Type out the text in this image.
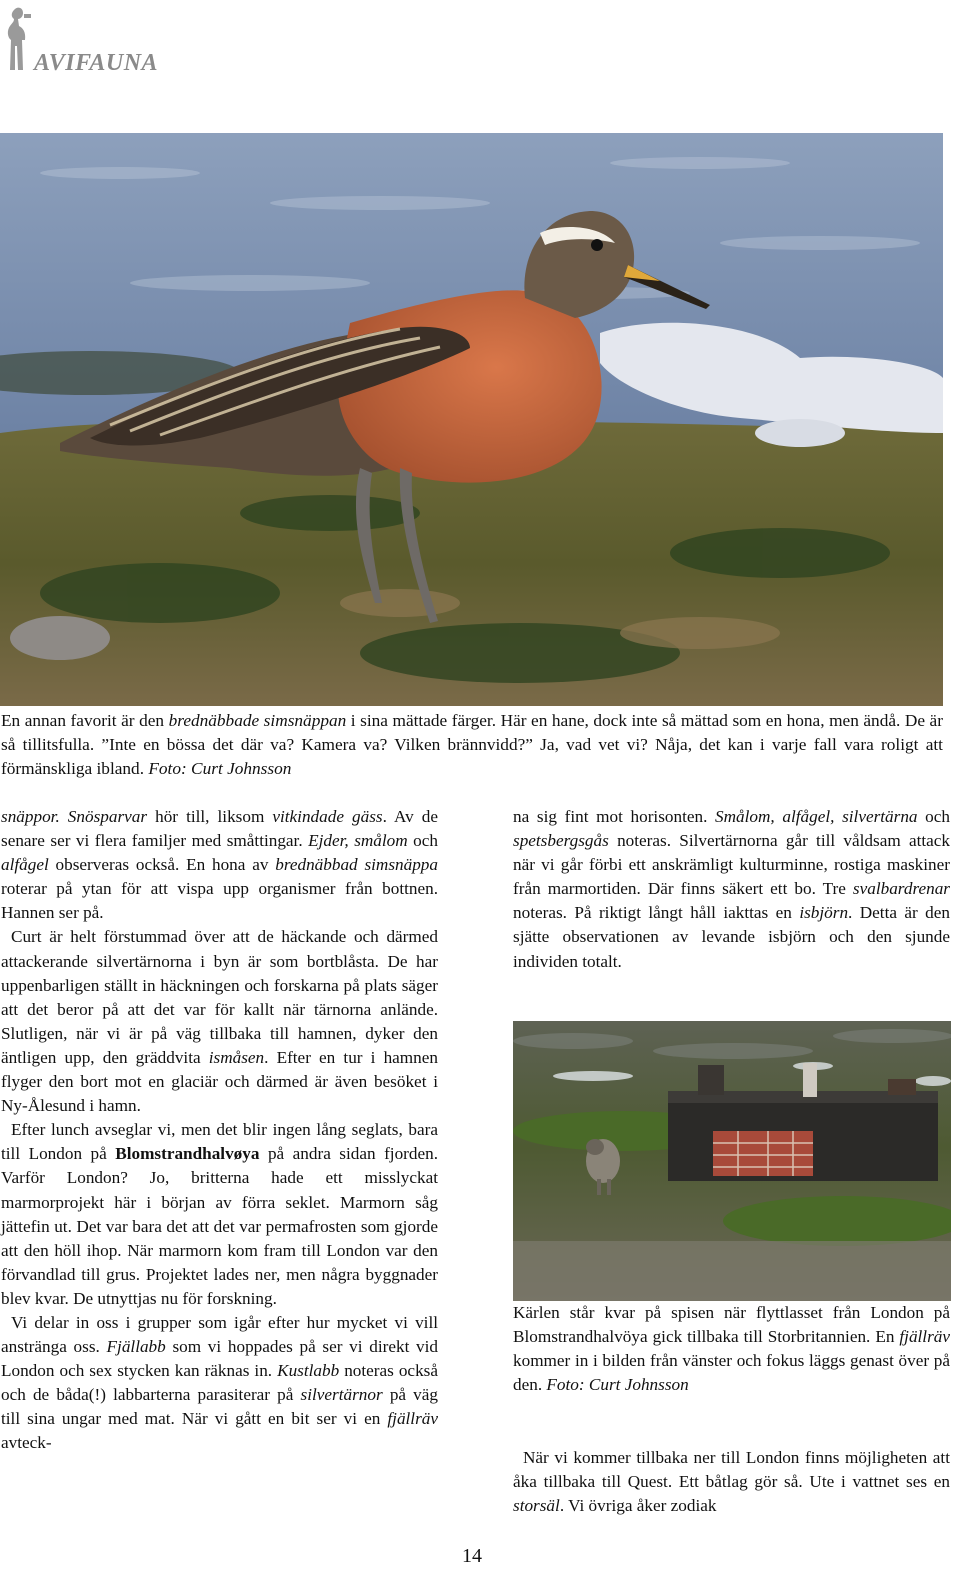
AVIFAUNA
En annan favorit är den brednäbbade simsnäppan i sina mättade färger. Här en hane, dock inte så mättad som en hona, men ändå. De är så tillitsfulla. ”Inte en bössa det där va? Kamera va? Vilken brännvidd?” Ja, vad vet vi? Nåja, det kan i varje fall vara roligt att förmänskliga ibland. Foto: Curt Johnsson

snäppor. Snösparvar hör till, liksom vitkindade gäss. Av de senare ser vi flera familjer med småttingar. Ejder, smålom och alfågel observeras också. En hona av brednäbbad simsnäppa roterar på ytan för att vispa upp organismer från bottnen. Hannen ser på.

Curt är helt förstummad över att de häckande och därmed attackerande silvertärnorna i byn är som bortblåsta. De har uppenbarligen ställt in häckningen och forskarna på plats säger att det beror på att det var för kallt när tärnorna anlände. Slutligen, när vi är på väg tillbaka till hamnen, dyker den äntligen upp, den gräddvita ismåsen. Efter en tur i hamnen flyger den bort mot en glaciär och därmed är även besöket i Ny-Ålesund i hamn.

Efter lunch avseglar vi, men det blir ingen lång seglats, bara till London på Blomstrandhalvøya på andra sidan fjorden. Varför London? Jo, britterna hade ett misslyckat marmorprojekt här i början av förra seklet. Marmorn såg jättefin ut. Det var bara det att det var permafrosten som gjorde att den höll ihop. När marmorn kom fram till London var den förvandlad till grus. Projektet lades ner, men några byggnader blev kvar. De utnyttjas nu för forskning.

Vi delar in oss i grupper som igår efter hur mycket vi vill anstränga oss. Fjällabb som vi hoppades på ser vi direkt vid London och sex stycken kan räknas in. Kustlabb noteras också och de båda(!) labbarterna parasiterar på silvertärnor på väg till sina ungar med mat. När vi gått en bit ser vi en fjällräv avteck-

na sig fint mot horisonten. Smålom, alfågel, silvertärna och spetsbergsgås noteras. Silvertärnorna går till våldsam attack när vi går förbi ett anskrämligt kulturminne, rostiga maskiner från marmortiden. Där finns säkert ett bo. Tre svalbardrenar noteras. På riktigt långt håll iakttas en isbjörn. Detta är den sjätte observationen av levande isbjörn och den sjunde individen totalt.

Kärlen står kvar på spisen när flyttlasset från London på Blomstrandhalvöya gick tillbaka till Storbritannien. En fjällräv kommer in i bilden från vänster och fokus läggs genast över på den. Foto: Curt Johnsson

När vi kommer tillbaka ner till London finns möjligheten att åka tillbaka till Quest. Ett båtlag gör så. Ute i vattnet ses en storsäl. Vi övriga åker zodiak

14
